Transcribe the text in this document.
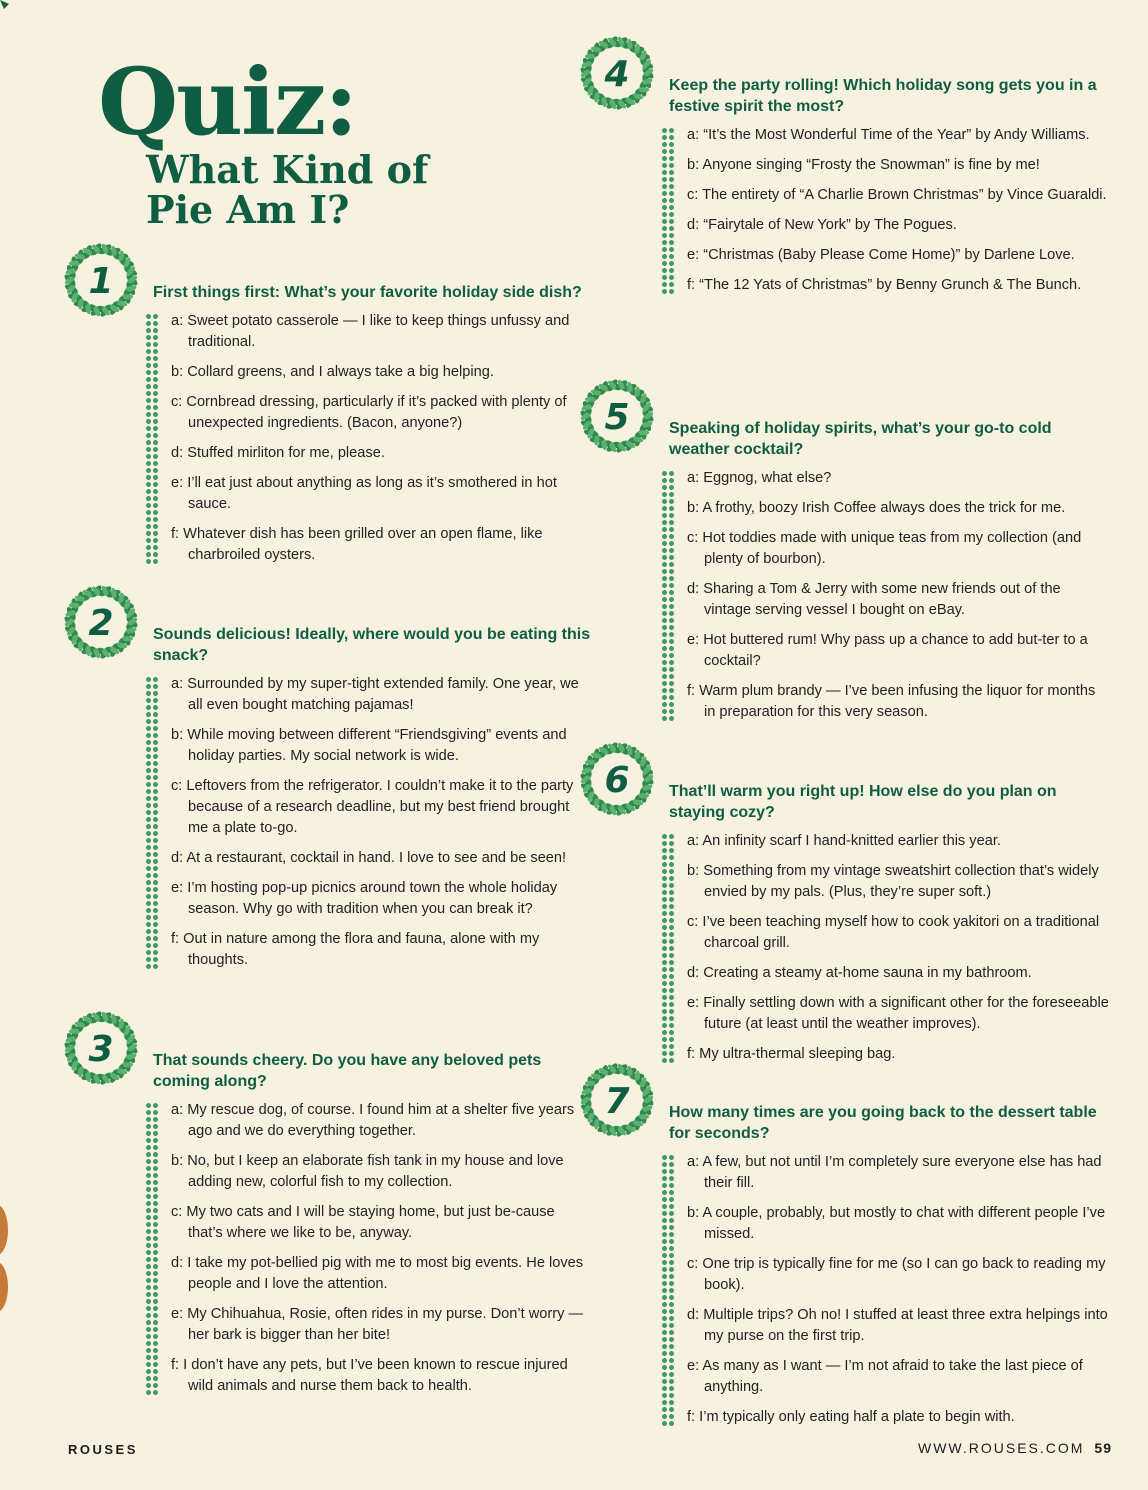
Quiz:
What Kind of
Pie Am I?
1 First things first: What’s your favorite holiday side dish?
a: Sweet potato casserole — I like to keep things unfussy and traditional.
b: Collard greens, and I always take a big helping.
c: Cornbread dressing, particularly if it’s packed with plenty of unexpected ingredients. (Bacon, anyone?)
d: Stuffed mirliton for me, please.
e: I’ll eat just about anything as long as it’s smothered in hot sauce.
f: Whatever dish has been grilled over an open flame, like charbroiled oysters.
2 Sounds delicious! Ideally, where would you be eating this snack?
a: Surrounded by my super-tight extended family. One year, we all even bought matching pajamas!
b: While moving between different “Friendsgiving” events and holiday parties. My social network is wide.
c: Leftovers from the refrigerator. I couldn’t make it to the party because of a research deadline, but my best friend brought me a plate to-go.
d: At a restaurant, cocktail in hand. I love to see and be seen!
e: I’m hosting pop-up picnics around town the whole holiday season. Why go with tradition when you can break it?
f: Out in nature among the flora and fauna, alone with my thoughts.
3 That sounds cheery. Do you have any beloved pets coming along?
a: My rescue dog, of course. I found him at a shelter five years ago and we do everything together.
b: No, but I keep an elaborate fish tank in my house and love adding new, colorful fish to my collection.
c: My two cats and I will be staying home, but just be-cause that’s where we like to be, anyway.
d: I take my pot-bellied pig with me to most big events. He loves people and I love the attention.
e: My Chihuahua, Rosie, often rides in my purse. Don’t worry — her bark is bigger than her bite!
f: I don’t have any pets, but I’ve been known to rescue injured wild animals and nurse them back to health.
4 Keep the party rolling! Which holiday song gets you in a festive spirit the most?
a: “It’s the Most Wonderful Time of the Year” by Andy Williams.
b: Anyone singing “Frosty the Snowman” is fine by me!
c: The entirety of “A Charlie Brown Christmas” by Vince Guaraldi.
d: “Fairytale of New York” by The Pogues.
e: “Christmas (Baby Please Come Home)” by Darlene Love.
f: “The 12 Yats of Christmas” by Benny Grunch & The Bunch.
5 Speaking of holiday spirits, what’s your go-to cold weather cocktail?
a: Eggnog, what else?
b: A frothy, boozy Irish Coffee always does the trick for me.
c: Hot toddies made with unique teas from my collection (and plenty of bourbon).
d: Sharing a Tom & Jerry with some new friends out of the vintage serving vessel I bought on eBay.
e: Hot buttered rum! Why pass up a chance to add but-ter to a cocktail?
f: Warm plum brandy — I’ve been infusing the liquor for months in preparation for this very season.
6 That’ll warm you right up! How else do you plan on staying cozy?
a: An infinity scarf I hand-knitted earlier this year.
b: Something from my vintage sweatshirt collection that’s widely envied by my pals. (Plus, they’re super soft.)
c: I’ve been teaching myself how to cook yakitori on a traditional charcoal grill.
d: Creating a steamy at-home sauna in my bathroom.
e: Finally settling down with a significant other for the foreseeable future (at least until the weather improves).
f: My ultra-thermal sleeping bag.
7 How many times are you going back to the dessert table for seconds?
a: A few, but not until I’m completely sure everyone else has had their fill.
b: A couple, probably, but mostly to chat with different people I’ve missed.
c: One trip is typically fine for me (so I can go back to reading my book).
d: Multiple trips? Oh no! I stuffed at least three extra helpings into my purse on the first trip.
e: As many as I want — I’m not afraid to take the last piece of anything.
f: I’m typically only eating half a plate to begin with.
ROUSES	WWW.ROUSES.COM 59
